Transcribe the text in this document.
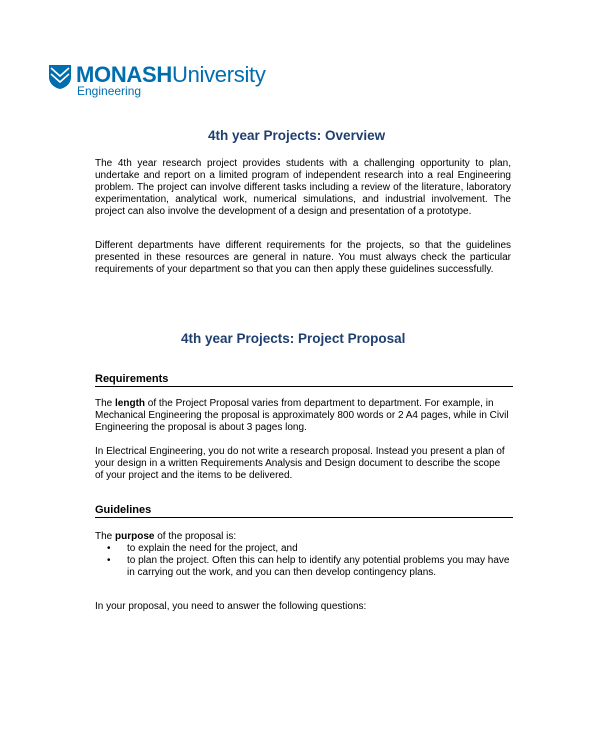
MONASHUniversity
Engineering
4th year Projects: Overview

The 4th year research project provides students with a challenging opportunity to plan, undertake and report on a limited program of independent research into a real Engineering problem. The project can involve different tasks including a review of the literature, laboratory experimentation, analytical work, numerical simulations, and industrial involvement. The project can also involve the development of a design and presentation of a prototype.

Different departments have different requirements for the projects, so that the guidelines presented in these resources are general in nature. You must always check the particular requirements of your department so that you can then apply these guidelines successfully.

4th year Projects: Project Proposal
Requirements

The length of the Project Proposal varies from department to department. For example, in Mechanical Engineering the proposal is approximately 800 words or 2 A4 pages, while in Civil Engineering the proposal is about 3 pages long.

In Electrical Engineering, you do not write a research proposal. Instead you present a plan of your design in a written Requirements Analysis and Design document to describe the scope of your project and the items to be delivered.

Guidelines

The purpose of the proposal is:

• to explain the need for the project, and
• to plan the project. Often this can help to identify any potential problems you may have in carrying out the work, and you can then develop contingency plans.

In your proposal, you need to answer the following questions:
